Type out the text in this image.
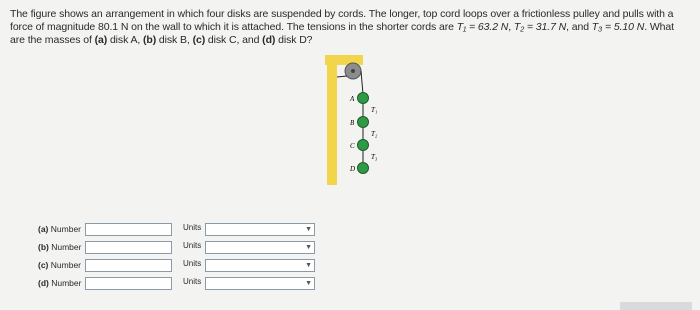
The figure shows an arrangement in which four disks are suspended by cords. The longer, top cord loops over a frictionless pulley and pulls with a force of magnitude 80.1 N on the wall to which it is attached. The tensions in the shorter cords are T₁ = 63.2 N, T₂ = 31.7 N, and T₃ = 5.10 N. What are the masses of (a) disk A, (b) disk B, (c) disk C, and (d) disk D?
A
B
C
D
T₁
T₂
T₃
(a) Number	Units	▼
(b) Number	Units	▼
(c) Number	Units	▼
(d) Number	Units	▼
